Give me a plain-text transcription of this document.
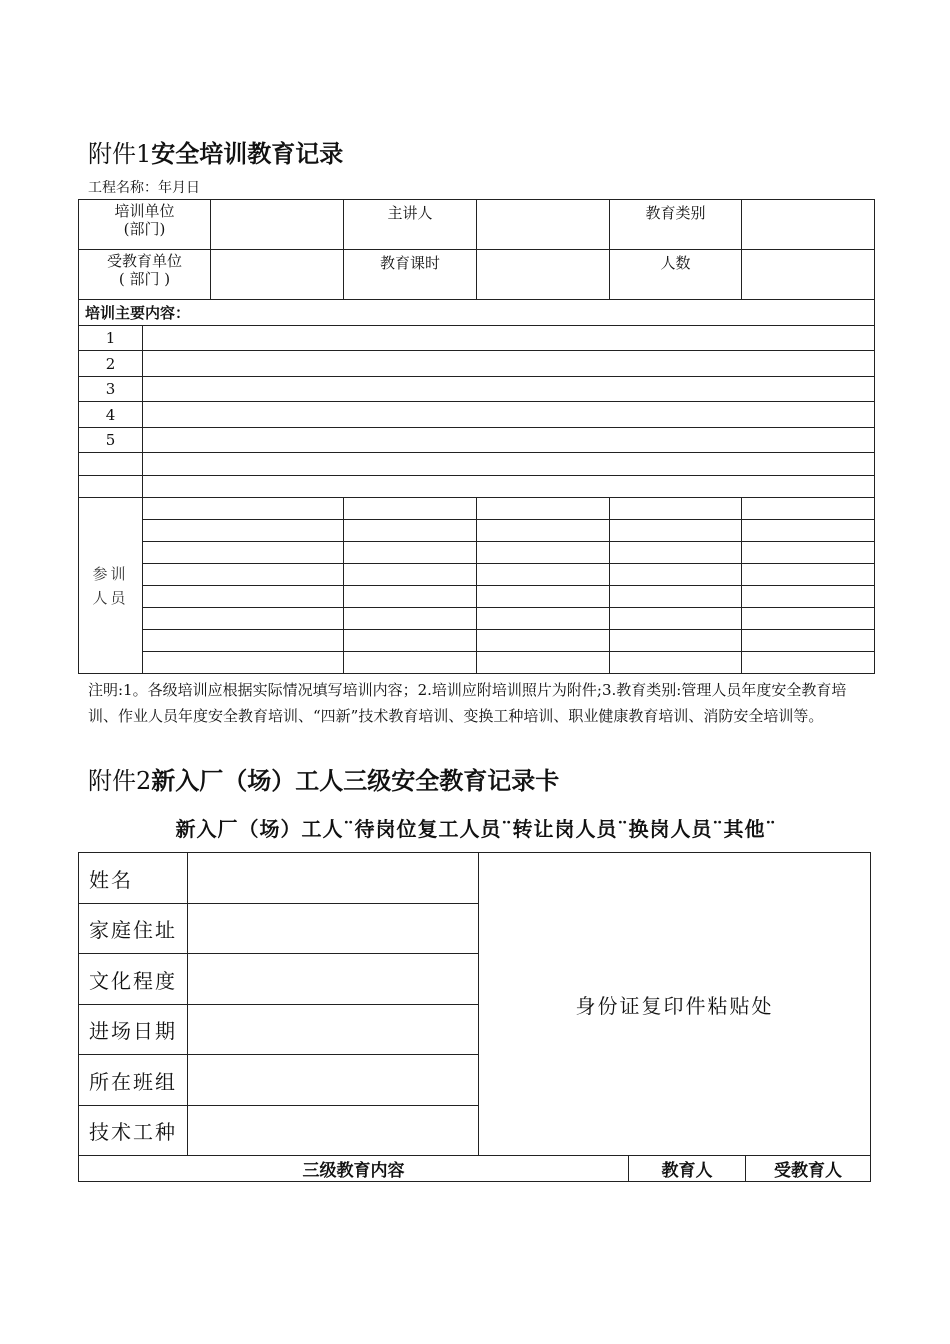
附件1安全培训教育记录
工程名称：年月日
培训单位
(部门)			主讲人		教育类别	

受教育单位
( 部门 )			教育课时		人数	
培训主要内容：						
1						
2						
3						
4						
5						

参训
人员						

注明:1。各级培训应根据实际情况填写培训内容；2.培训应附培训照片为附件;3.教育类别:管理人员年度安全教育培训、作业人员年度安全教育培训、“四新”技术教育培训、变换工种培训、职业健康教育培训、消防安全培训等。
附件2新入厂（场）工人三级安全教育记录卡
新入厂（场）工人¨待岗位复工人员¨转让岗人员¨换岗人员¨其他¨
姓名		身份证复印件粘贴处		
家庭住址				
文化程度				
进场日期				
所在班组				
技术工种				
三级教育内容			教育人	受教育人
